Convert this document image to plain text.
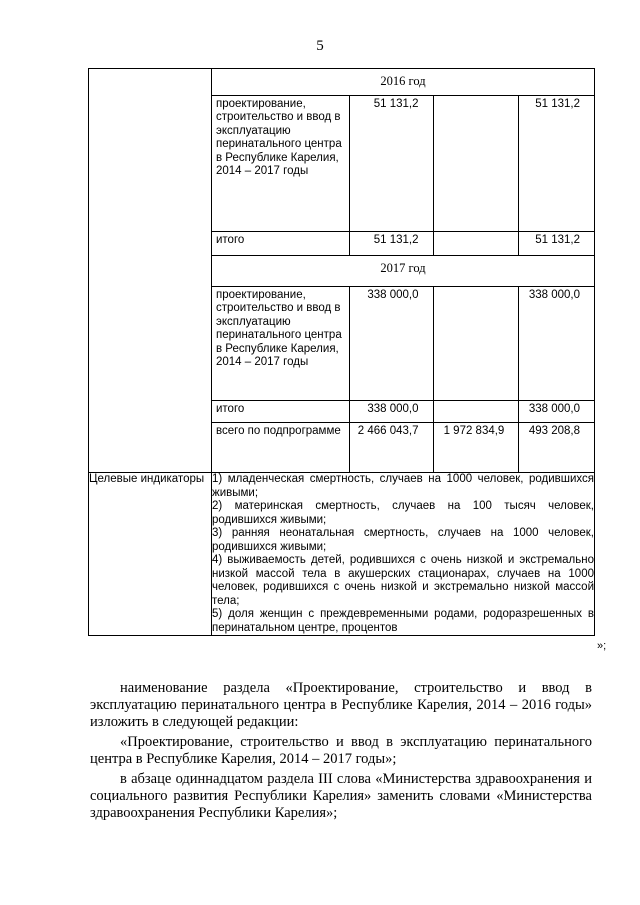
5

2016 год
проектирование, строительство и ввод в эксплуатацию перинатального центра в Республике Карелия, 2014 – 2017 годы	51 131,2		51 131,2
итого	51 131,2		51 131,2
2017 год
проектирование, строительство и ввод в эксплуатацию перинатального центра в Республике Карелия, 2014 – 2017 годы	338 000,0		338 000,0
итого	338 000,0		338 000,0
всего по подпрограмме	2 466 043,7	1 972 834,9	493 208,8

Целевые индикаторы	1) младенческая смертность, случаев на 1000 человек, родившихся живыми;
2) материнская смертность, случаев на 100 тысяч человек, родившихся живыми;
3) ранняя неонатальная смертность, случаев на 1000 человек, родившихся живыми;
4) выживаемость детей, родившихся с очень низкой и экстремально низкой массой тела в акушерских стационарах, случаев на 1000 человек, родившихся с очень низкой и экстремально низкой массой тела;
5) доля женщин с преждевременными родами, родоразрешенных в перинатальном центре, процентов
»;
наименование раздела «Проектирование, строительство и ввод в эксплуатацию перинатального центра в Республике Карелия, 2014 – 2016 годы» изложить в следующей редакции:
«Проектирование, строительство и ввод в эксплуатацию перинатального центра в Республике Карелия, 2014 – 2017 годы»;
в абзаце одиннадцатом раздела III слова «Министерства здравоохранения и социального развития Республики Карелия» заменить словами «Министерства здравоохранения Республики Карелия»;
